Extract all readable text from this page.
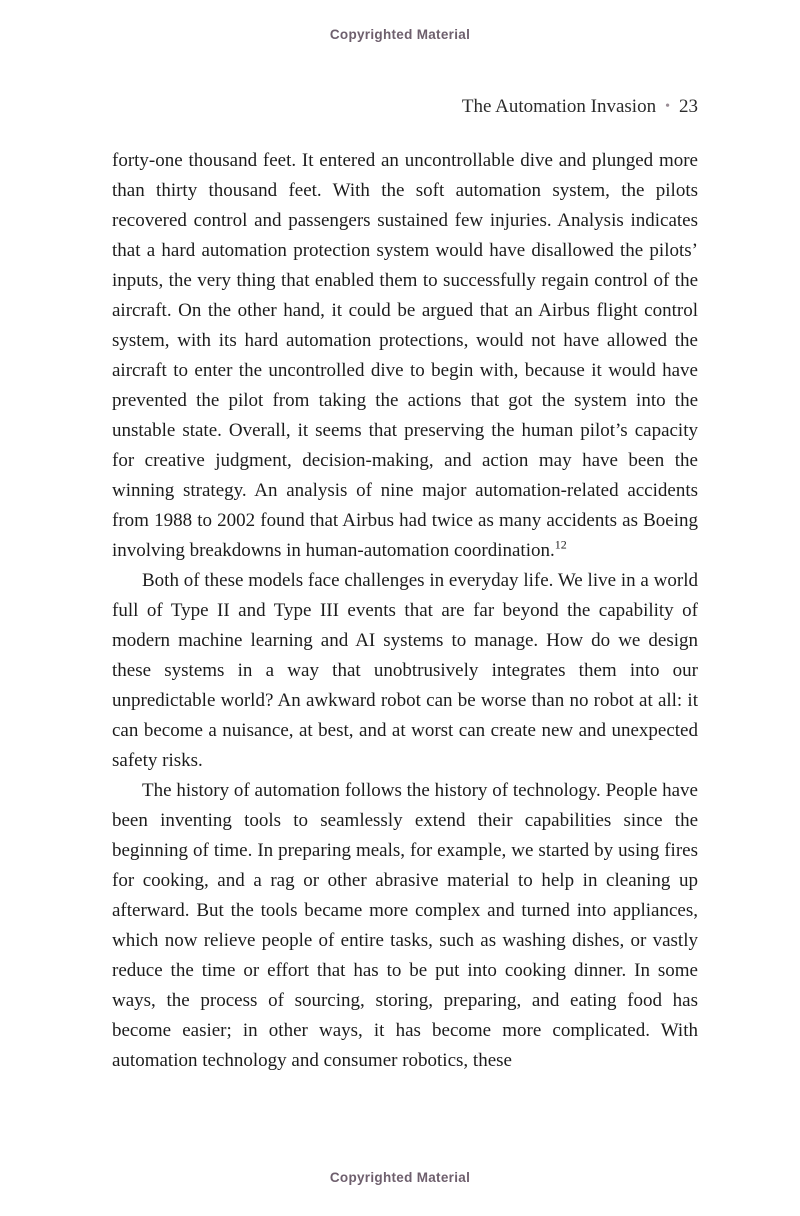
Copyrighted Material
The Automation Invasion • 23

forty-one thousand feet. It entered an uncontrollable dive and plunged more than thirty thousand feet. With the soft automation system, the pilots recovered control and passengers sustained few injuries. Analysis indicates that a hard automation protection system would have disallowed the pilots’ inputs, the very thing that enabled them to successfully regain control of the aircraft. On the other hand, it could be argued that an Airbus flight control system, with its hard automation protections, would not have allowed the aircraft to enter the uncontrolled dive to begin with, because it would have prevented the pilot from taking the actions that got the system into the unstable state. Overall, it seems that preserving the human pilot’s capacity for creative judgment, decision-making, and action may have been the winning strategy. An analysis of nine major automation-related accidents from 1988 to 2002 found that Airbus had twice as many accidents as Boeing involving breakdowns in human-automation coordination.$^{12}$

Both of these models face challenges in everyday life. We live in a world full of Type II and Type III events that are far beyond the capability of modern machine learning and AI systems to manage. How do we design these systems in a way that unobtrusively integrates them into our unpredictable world? An awkward robot can be worse than no robot at all: it can become a nuisance, at best, and at worst can create new and unexpected safety risks.

The history of automation follows the history of technology. People have been inventing tools to seamlessly extend their capabilities since the beginning of time. In preparing meals, for example, we started by using fires for cooking, and a rag or other abrasive material to help in cleaning up afterward. But the tools became more complex and turned into appliances, which now relieve people of entire tasks, such as washing dishes, or vastly reduce the time or effort that has to be put into cooking dinner. In some ways, the process of sourcing, storing, preparing, and eating food has become easier; in other ways, it has become more complicated. With automation technology and consumer robotics, these

Copyrighted Material
